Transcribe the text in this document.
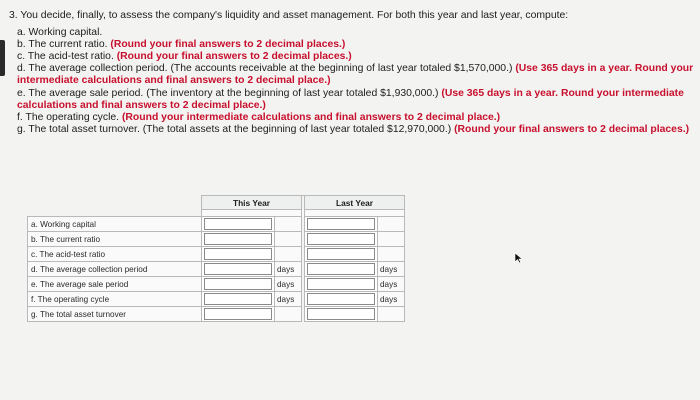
3. You decide, finally, to assess the company's liquidity and asset management. For both this year and last year, compute:

a. Working capital.

b. The current ratio. (Round your final answers to 2 decimal places.)

c. The acid-test ratio. (Round your final answers to 2 decimal places.)

d. The average collection period. (The accounts receivable at the beginning of last year totaled $1,570,000.) (Use 365 days in a year. Round your intermediate calculations and final answers to 2 decimal place.)

e. The average sale period. (The inventory at the beginning of last year totaled $1,930,000.) (Use 365 days in a year. Round your intermediate calculations and final answers to 2 decimal place.)

f. The operating cycle. (Round your intermediate calculations and final answers to 2 decimal place.)

g. The total asset turnover. (The total assets at the beginning of last year totaled $12,970,000.) (Round your final answers to 2 decimal places.)

	This Year			Last Year	

a. Working capital	

b. The current ratio	

c. The acid-test ratio	

d. The average collection period		days			days
e. The average sale period		days			days
f. The operating cycle		days			days
g. The total asset turnover	
